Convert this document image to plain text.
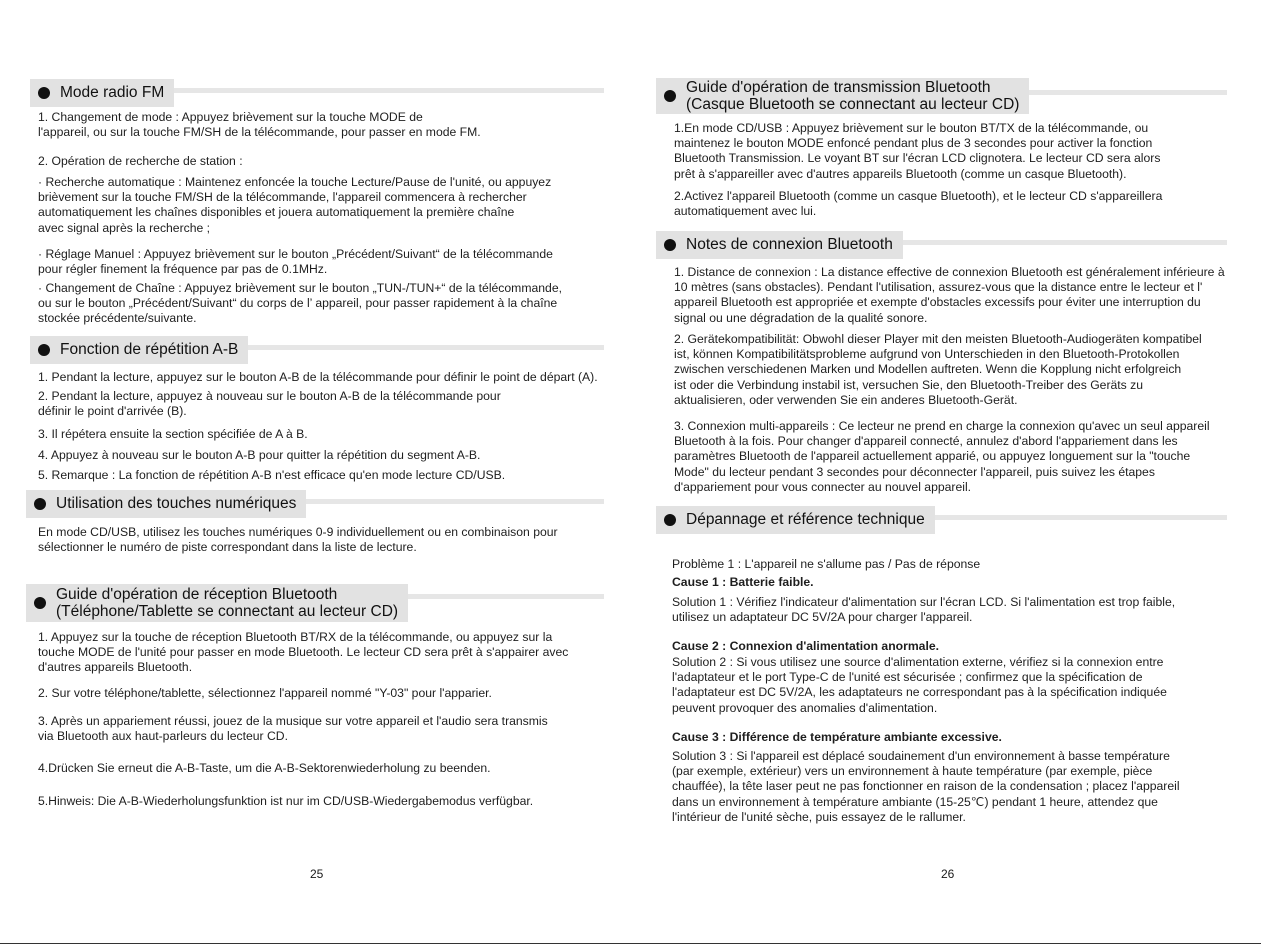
Mode radio FM
1. Changement de mode : Appuyez brièvement sur la touche MODE de
l'appareil, ou sur la touche FM/SH de la télécommande, pour passer en mode FM.
2. Opération de recherche de station :
· Recherche automatique : Maintenez enfoncée la touche Lecture/Pause de l'unité, ou appuyez
brièvement sur la touche FM/SH de la télécommande, l'appareil commencera à rechercher
automatiquement les chaînes disponibles et jouera automatiquement la première chaîne
avec signal après la recherche ;
· Réglage Manuel : Appuyez brièvement sur le bouton „Précédent/Suivant“ de la télécommande
pour régler finement la fréquence par pas de 0.1MHz.
· Changement de Chaîne : Appuyez brièvement sur le bouton „TUN-/TUN+“ de la télécommande,
ou sur le bouton „Précédent/Suivant“ du corps de l’ appareil, pour passer rapidement à la chaîne
stockée précédente/suivante.
Fonction de répétition A-B
1. Pendant la lecture, appuyez sur le bouton A-B de la télécommande pour définir le point de départ (A).
2. Pendant la lecture, appuyez à nouveau sur le bouton A-B de la télécommande pour
définir le point d'arrivée (B).
3. Il répétera ensuite la section spécifiée de A à B.
4. Appuyez à nouveau sur le bouton A-B pour quitter la répétition du segment A-B.
5. Remarque : La fonction de répétition A-B n'est efficace qu'en mode lecture CD/USB.
Utilisation des touches numériques
En mode CD/USB, utilisez les touches numériques 0-9 individuellement ou en combinaison pour
sélectionner le numéro de piste correspondant dans la liste de lecture.
Guide d'opération de réception Bluetooth
(Téléphone/Tablette se connectant au lecteur CD)
1. Appuyez sur la touche de réception Bluetooth BT/RX de la télécommande, ou appuyez sur la
touche MODE de l'unité pour passer en mode Bluetooth. Le lecteur CD sera prêt à s'appairer avec
d'autres appareils Bluetooth.
2. Sur votre téléphone/tablette, sélectionnez l'appareil nommé "Y-03" pour l'apparier.
3. Après un appariement réussi, jouez de la musique sur votre appareil et l'audio sera transmis
via Bluetooth aux haut-parleurs du lecteur CD.
4.Drücken Sie erneut die A-B-Taste, um die A-B-Sektorenwiederholung zu beenden.
5.Hinweis: Die A-B-Wiederholungsfunktion ist nur im CD/USB-Wiedergabemodus verfügbar.
25
Guide d'opération de transmission Bluetooth
(Casque Bluetooth se connectant au lecteur CD)
1.En mode CD/USB : Appuyez brièvement sur le bouton BT/TX de la télécommande, ou
maintenez le bouton MODE enfoncé pendant plus de 3 secondes pour activer la fonction
Bluetooth Transmission. Le voyant BT sur l'écran LCD clignotera. Le lecteur CD sera alors
prêt à s'appareiller avec d'autres appareils Bluetooth (comme un casque Bluetooth).
2.Activez l'appareil Bluetooth (comme un casque Bluetooth), et le lecteur CD s'appareillera
automatiquement avec lui.
Notes de connexion Bluetooth
1. Distance de connexion : La distance effective de connexion Bluetooth est généralement inférieure à
10 mètres (sans obstacles). Pendant l'utilisation, assurez-vous que la distance entre le lecteur et l'
appareil Bluetooth est appropriée et exempte d'obstacles excessifs pour éviter une interruption du
signal ou une dégradation de la qualité sonore.
2. Gerätekompatibilität: Obwohl dieser Player mit den meisten Bluetooth-Audiogeräten kompatibel
ist, können Kompatibilitätsprobleme aufgrund von Unterschieden in den Bluetooth-Protokollen
zwischen verschiedenen Marken und Modellen auftreten. Wenn die Kopplung nicht erfolgreich
ist oder die Verbindung instabil ist, versuchen Sie, den Bluetooth-Treiber des Geräts zu
aktualisieren, oder verwenden Sie ein anderes Bluetooth-Gerät.
3. Connexion multi-appareils : Ce lecteur ne prend en charge la connexion qu'avec un seul appareil
Bluetooth à la fois. Pour changer d'appareil connecté, annulez d'abord l'appariement dans les
paramètres Bluetooth de l'appareil actuellement apparié, ou appuyez longuement sur la "touche
Mode" du lecteur pendant 3 secondes pour déconnecter l'appareil, puis suivez les étapes
d'appariement pour vous connecter au nouvel appareil.
Dépannage et référence technique
Problème 1 : L'appareil ne s'allume pas / Pas de réponse
Cause 1 : Batterie faible.
Solution 1 : Vérifiez l'indicateur d'alimentation sur l'écran LCD. Si l'alimentation est trop faible,
utilisez un adaptateur DC 5V/2A pour charger l'appareil.
Cause 2 : Connexion d'alimentation anormale.
Solution 2 : Si vous utilisez une source d'alimentation externe, vérifiez si la connexion entre
l'adaptateur et le port Type-C de l'unité est sécurisée ; confirmez que la spécification de
l'adaptateur est DC 5V/2A, les adaptateurs ne correspondant pas à la spécification indiquée
peuvent provoquer des anomalies d'alimentation.
Cause 3 : Différence de température ambiante excessive.
Solution 3 : Si l'appareil est déplacé soudainement d'un environnement à basse température
(par exemple, extérieur) vers un environnement à haute température (par exemple, pièce
chauffée), la tête laser peut ne pas fonctionner en raison de la condensation ; placez l'appareil
dans un environnement à température ambiante (15-25℃) pendant 1 heure, attendez que
l'intérieur de l'unité sèche, puis essayez de le rallumer.
26
